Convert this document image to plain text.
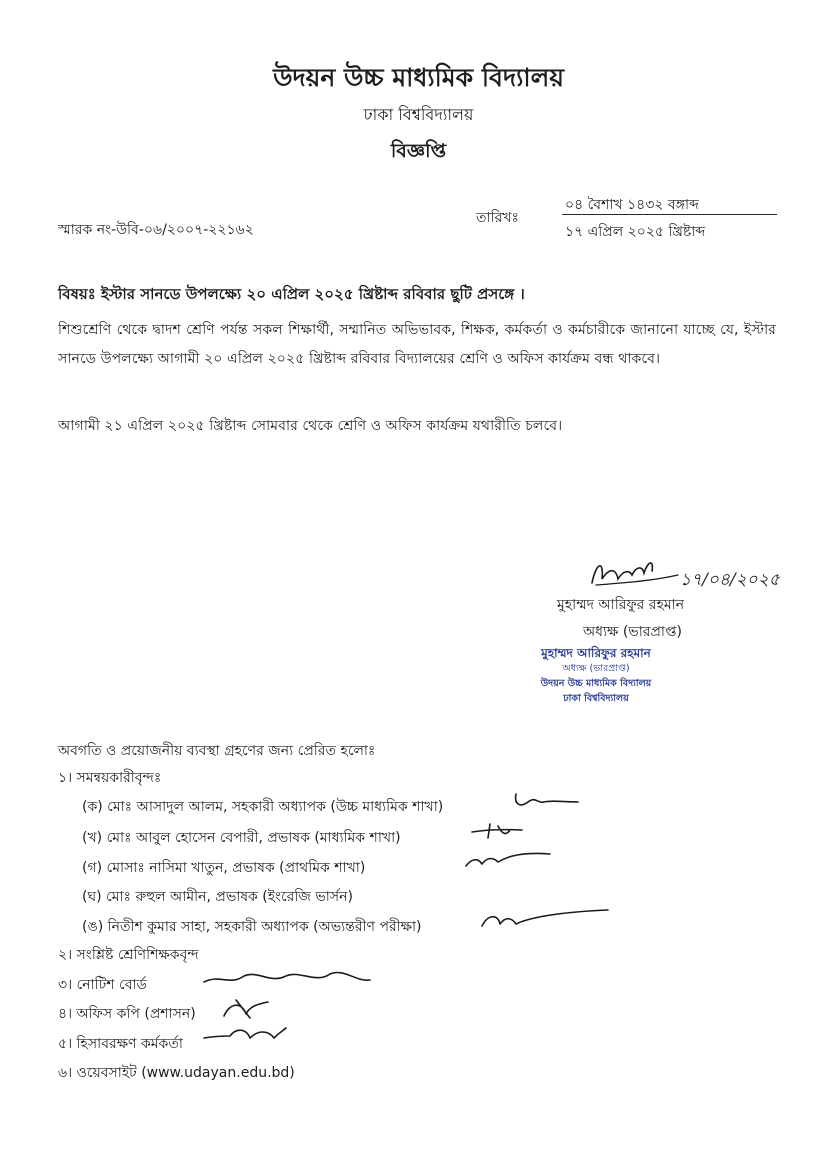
উদয়ন উচ্চ মাধ্যমিক বিদ্যালয়
ঢাকা বিশ্ববিদ্যালয়
বিজ্ঞপ্তি
স্মারক নং-উবি-০৬/২০০৭-২২১৬২
তারিখঃ
০৪ বৈশাখ ১৪৩২ বঙ্গাব্দ
১৭ এপ্রিল ২০২৫ খ্রিষ্টাব্দ
বিষয়ঃ ইস্টার সানডে উপলক্ষ্যে ২০ এপ্রিল ২০২৫ খ্রিষ্টাব্দ রবিবার ছুটি প্রসঙ্গে ।
শিশুশ্রেণি থেকে দ্বাদশ শ্রেণি পর্যন্ত সকল শিক্ষার্থী, সম্মানিত অভিভাবক, শিক্ষক, কর্মকর্তা ও কর্মচারীকে জানানো যাচ্ছে যে, ইস্টার সানডে উপলক্ষ্যে আগামী ২০ এপ্রিল ২০২৫ খ্রিষ্টাব্দ রবিবার বিদ্যালয়ের শ্রেণি ও অফিস কার্যক্রম বন্ধ থাকবে।
আগামী ২১ এপ্রিল ২০২৫ খ্রিষ্টাব্দ সোমবার থেকে শ্রেণি ও অফিস কার্যক্রম যথারীতি চলবে।
১৭/০৪/২০২৫
মুহাম্মদ আরিফুর রহমান
অধ্যক্ষ (ভারপ্রাপ্ত)
মুহাম্মদ আরিফুর রহমান
অধ্যক্ষ (ভারপ্রাপ্ত)
উদয়ন উচ্চ মাধ্যমিক বিদ্যালয়
ঢাকা বিশ্ববিদ্যালয়
অবগতি ও প্রয়োজনীয় ব্যবস্থা গ্রহণের জন্য প্রেরিত হলোঃ
১। সমন্বয়কারীবৃন্দঃ
(ক) মোঃ আসাদুল আলম, সহকারী অধ্যাপক (উচ্চ মাধ্যমিক শাখা)
(খ) মোঃ আবুল হোসেন বেপারী, প্রভাষক (মাধ্যমিক শাখা)
(গ) মোসাঃ নাসিমা খাতুন, প্রভাষক (প্রাথমিক শাখা)
(ঘ) মোঃ রুহুল আমীন, প্রভাষক (ইংরেজি ভার্সন)
(ঙ) নিতীশ কুমার সাহা, সহকারী অধ্যাপক (অভ্যন্তরীণ পরীক্ষা)
২। সংশ্লিষ্ট শ্রেণিশিক্ষকবৃন্দ
৩। নোটিশ বোর্ড
৪। অফিস কপি (প্রশাসন)
৫। হিসাবরক্ষণ কর্মকর্তা
৬। ওয়েবসাইট (www.udayan.edu.bd)
